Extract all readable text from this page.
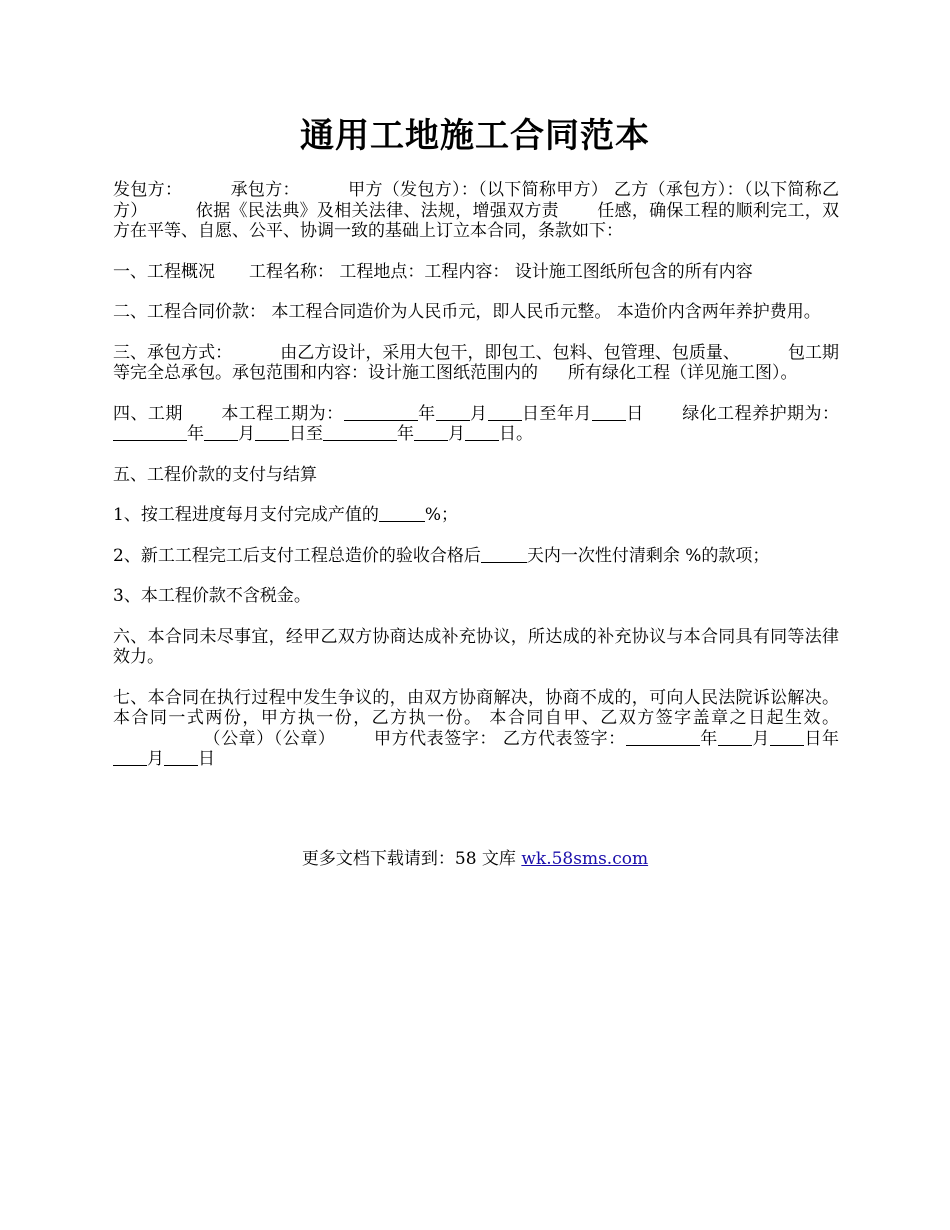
通用工地施工合同范本

发包方：	承包方：	甲方（发包方）：（以下简称甲方） 乙方（承包方）：（以下简称乙方）	依据《民法典》及相关法律、法规，增强双方责 任感，确保工程的顺利完工，双方在平等、自愿、公平、协调一致的基础上订立本合同，条款如下：

一、工程概况 工程名称： 工程地点：工程内容： 设计施工图纸所包含的所有内容

二、工程合同价款： 本工程合同造价为人民币元，即人民币元整。 本造价内含两年养护费用。

三、承包方式：	由乙方设计，采用大包干，即包工、包料、包管理、包质量、	包工期等完全总承包。承包范围和内容：设计施工图纸范围内的 所有绿化工程（详见施工图）。

四、工期 本工程工期为：	年 月 日至年月 日 绿化工程养护期为：年 月 日至	年 月 日。

五、工程价款的支付与结算

1、按工程进度每月支付完成产值的	%；

2、新工工程完工后支付工程总造价的验收合格后	天内一次性付清剩余 %的款项；

3、本工程价款不含税金。

六、本合同未尽事宜，经甲乙双方协商达成补充协议，所达成的补充协议与本合同具有同等法律效力。

七、本合同在执行过程中发生争议的，由双方协商解决，协商不成的，可向人民法院诉讼解决。本合同一式两份，甲方执一份，乙方执一份。 本合同自甲、乙双方签字盖章之日起生效。（公章）（公章） 甲方代表签字： 乙方代表签字：	年 月 日年月 日

更多文档下载请到：58 文库 wk.58sms.com
